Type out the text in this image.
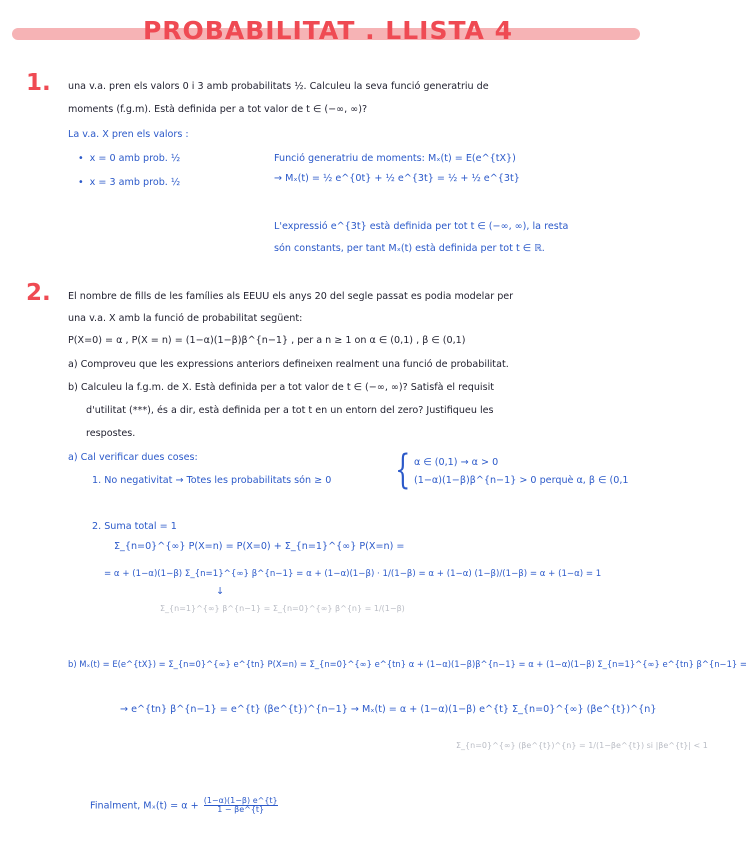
PROBABILITAT . LLISTA 4
1. una v.a. pren els valors 0 i 3 amb probabilitats ½. Calculeu la seva funció generatriu de
moments (f.g.m). Està definida per a tot valor de t ∈ (−∞, ∞)?
La v.a. X pren els valors :
• x = 0 amb prob. ½
• x = 3 amb prob. ½
Funció generatriu de moments: Mₓ(t) = E(e^{tX})
→ Mₓ(t) = ½ e^{0t} + ½ e^{3t} = ½ + ½ e^{3t}
L'expressió e^{3t} està definida per tot t ∈ (−∞, ∞), la resta
són constants, per tant Mₓ(t) està definida per tot t ∈ ℝ.
2. El nombre de fills de les famílies als EEUU els anys 20 del segle passat es podia modelar per
una v.a. X amb la funció de probabilitat següent:
P(X=0) = α , P(X = n) = (1−α)(1−β)β^{n−1} , per a n ≥ 1 on α ∈ (0,1) , β ∈ (0,1)
a) Comproveu que les expressions anteriors defineixen realment una funció de probabilitat.
b) Calculeu la f.g.m. de X. Està definida per a tot valor de t ∈ (−∞, ∞)? Satisfà el requisit
d'utilitat (***), és a dir, està definida per a tot t en un entorn del zero? Justifiqueu les
respostes.
a) Cal verificar dues coses:
1. No negativitat → Totes les probabilitats són ≥ 0 { α ∈ (0,1) → α > 0
(1−α)(1−β)β^{n−1} > 0 perquè α, β ∈ (0,1
2. Suma total = 1
Σ_{n=0}^{∞} P(X=n) = P(X=0) + Σ_{n=1}^{∞} P(X=n) =
= α + (1−α)(1−β) Σ_{n=1}^{∞} β^{n−1} = α + (1−α)(1−β) · 1/(1−β) = α + (1−α) (1−β)/(1−β) = α + (1−α) = 1
↓
Σ_{n=1}^{∞} β^{n−1} = Σ_{n=0}^{∞} β^{n} = 1/(1−β)
b) Mₓ(t) = E(e^{tX}) = Σ_{n=0}^{∞} e^{tn} P(X=n) = Σ_{n=0}^{∞} e^{tn} α + (1−α)(1−β)β^{n−1} = α + (1−α)(1−β) Σ_{n=1}^{∞} e^{tn} β^{n−1} =
→ e^{tn} β^{n−1} = e^{t} (βe^{t})^{n−1} → Mₓ(t) = α + (1−α)(1−β) e^{t} Σ_{n=0}^{∞} (βe^{t})^{n}
Σ_{n=0}^{∞} (βe^{t})^{n} = 1/(1−βe^{t}) si |βe^{t}| < 1
Finalment, $M_x(t) = \alpha + \frac{(1-\alpha)(1-\beta) e\^{}\{t\}}{1 - \beta e\^{}\{t\}}$
